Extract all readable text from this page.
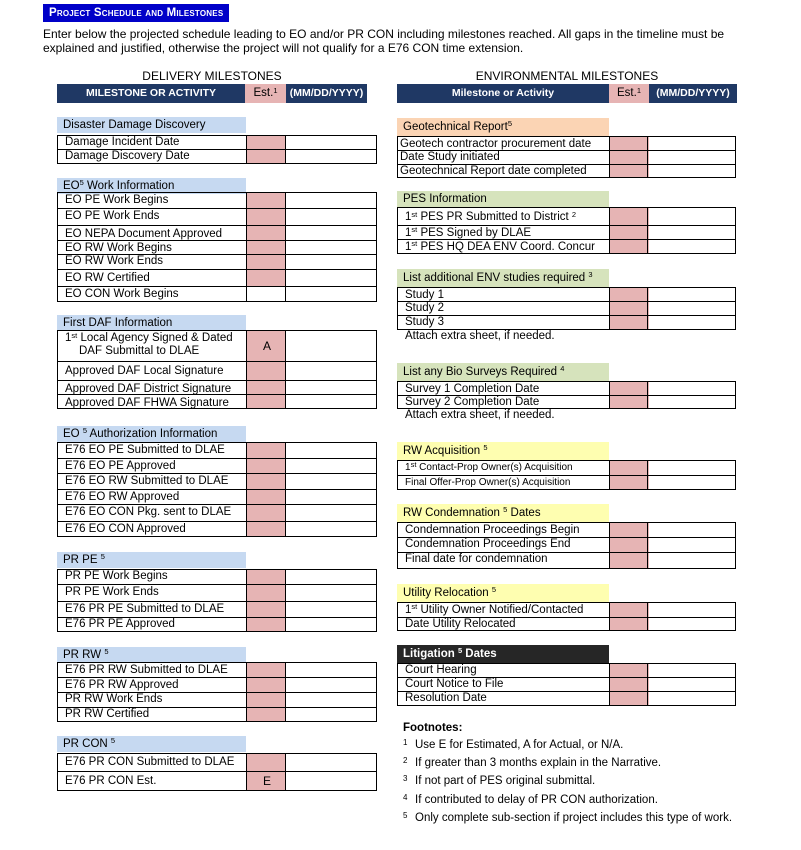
Project Schedule and Milestones
Enter below the projected schedule leading to EO and/or PR CON including milestones reached. All gaps in the timeline must be explained and justified, otherwise the project will not qualify for a E76 CON time extension.
DELIVERY MILESTONES	ENVIRONMENTAL MILESTONES
MILESTONE OR ACTIVITY	Est.$^1$	(MM/DD/YYYY)	Milestone or Activity	Est.$^1$	(MM/DD/YYYY)
Disaster Damage Discovery
Damage Incident Date
Damage Discovery Date
$EO^5$ Work Information
EO PE Work Begins
EO PE Work Ends
EO NEPA Document Approved
EO RW Work Begins
EO RW Work Ends
EO RW Certified
EO CON Work Begins
First DAF Information
1st Local Agency Signed & Dated
DAF Submittal to DLAE	A
Approved DAF Local Signature
Approved DAF District Signature
Approved DAF FHWA Signature
EO $^5$ Authorization Information
E76 EO PE Submitted to DLAE
E76 EO PE Approved
E76 EO RW Submitted to DLAE
E76 EO RW Approved
E76 EO CON Pkg. sent to DLAE
E76 EO CON Approved
PR PE $^5$
PR PE Work Begins
PR PE Work Ends
E76 PR PE Submitted to DLAE
E76 PR PE Approved
PR RW $^5$
E76 PR RW Submitted to DLAE
E76 PR RW Approved
PR RW Work Ends
PR RW Certified
PR CON $^5$
E76 PR CON Submitted to DLAE
E76 PR CON Est.	E
Geotechnical Report$^5$
Geotech contractor procurement date
Date Study initiated
Geotechnical Report date completed
PES Information
1st PES PR Submitted to District $^2$
1st PES Signed by DLAE
1st PES HQ DEA ENV Coord. Concur
List additional ENV studies required $^3$
Study 1
Study 2
Study 3
Attach extra sheet, if needed.
List any Bio Surveys Required $^4$
Survey 1 Completion Date
Survey 2 Completion Date
Attach extra sheet, if needed.
RW Acquisition $^5$
1st Contact-Prop Owner(s) Acquisition
Final Offer-Prop Owner(s) Acquisition
RW Condemnation $^5$ Dates
Condemnation Proceedings Begin
Condemnation Proceedings End
Final date for condemnation
Utility Relocation $^5$
1st Utility Owner Notified/Contacted
Date Utility Relocated
Litigation $^5$ Dates
Court Hearing
Court Notice to File
Resolution Date
Footnotes:
1 Use E for Estimated, A for Actual, or N/A.
2 If greater than 3 months explain in the Narrative.
3 If not part of PES original submittal.
4 If contributed to delay of PR CON authorization.
5 Only complete sub-section if project includes this type of work.
